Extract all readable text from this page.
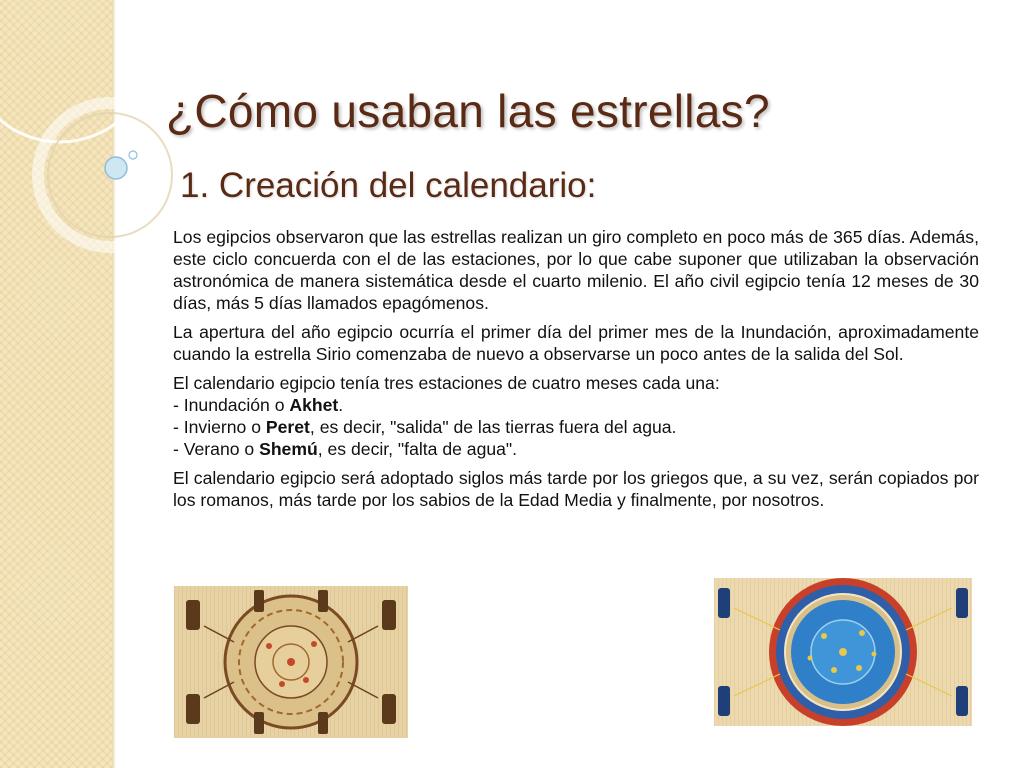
¿Cómo usaban las estrellas?
1. Creación del calendario:

Los egipcios observaron que las estrellas realizan un giro completo en poco más de 365 días. Además, este ciclo concuerda con el de las estaciones, por lo que cabe suponer que utilizaban la observación astronómica de manera sistemática desde el cuarto milenio. El año civil egipcio tenía 12 meses de 30 días, más 5 días llamados epagómenos.

La apertura del año egipcio ocurría el primer día del primer mes de la Inundación, aproximadamente cuando la estrella Sirio comenzaba de nuevo a observarse un poco antes de la salida del Sol.

El calendario egipcio tenía tres estaciones de cuatro meses cada una:
- Inundación o Akhet.
- Invierno o Peret, es decir, "salida" de las tierras fuera del agua.
- Verano o Shemú, es decir, "falta de agua".

El calendario egipcio será adoptado siglos más tarde por los griegos que, a su vez, serán copiados por los romanos, más tarde por los sabios de la Edad Media y finalmente, por nosotros.
